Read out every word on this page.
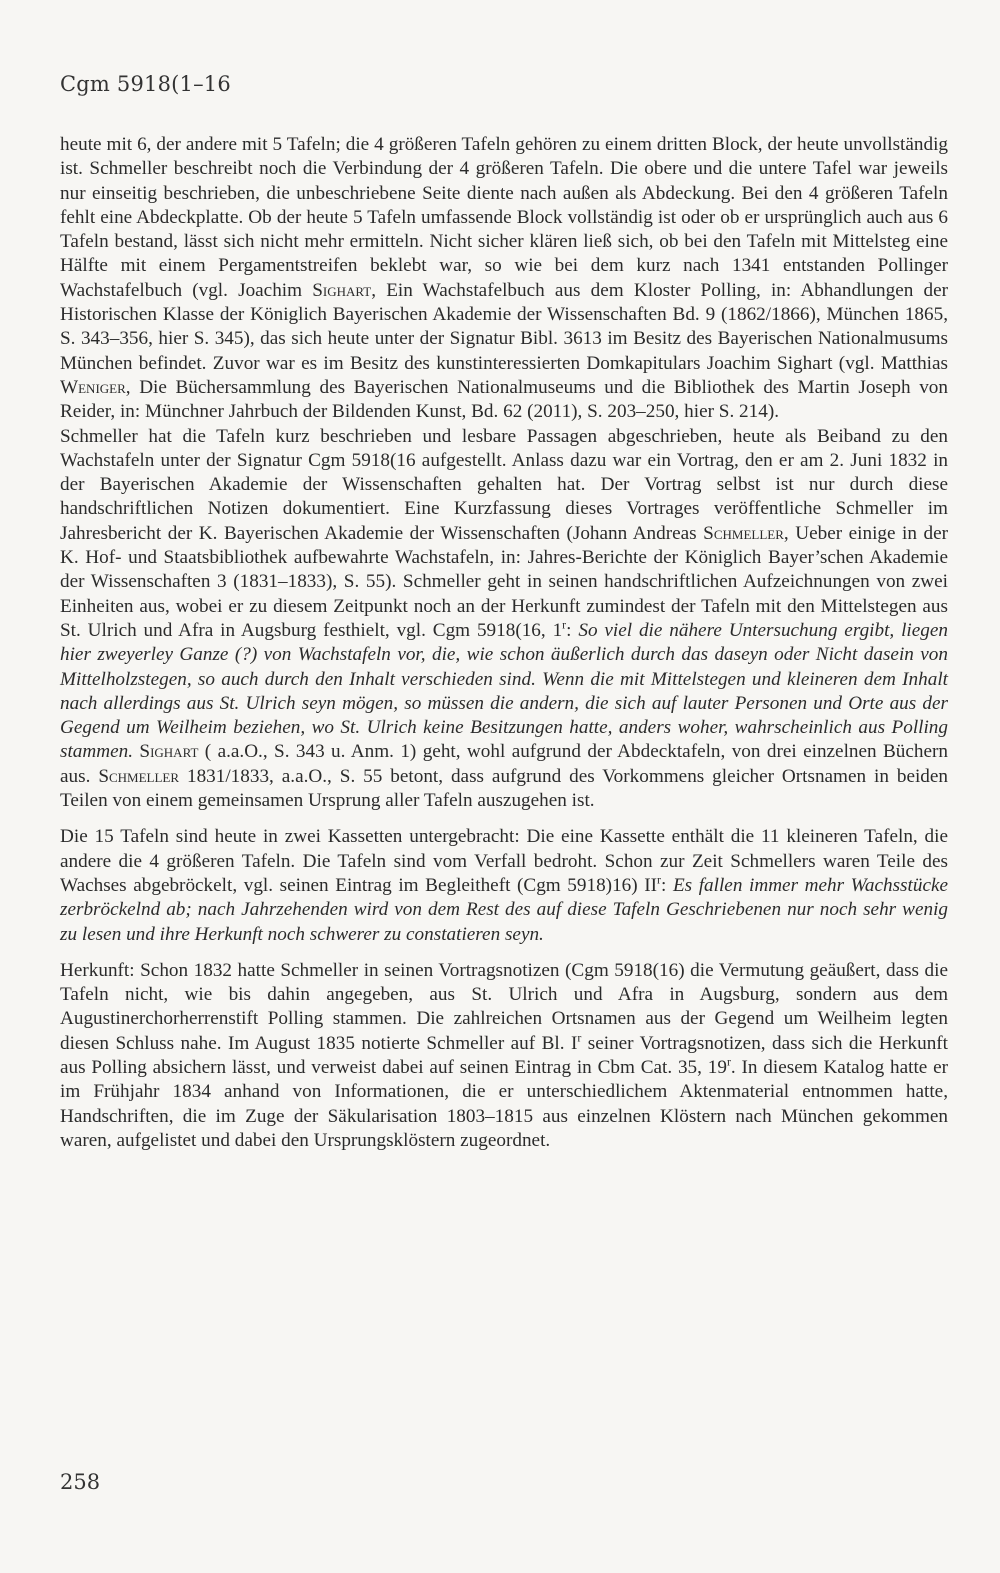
Cgm 5918(1–16

heute mit 6, der andere mit 5 Tafeln; die 4 größeren Tafeln gehören zu einem dritten Block, der heute unvollständig ist. Schmeller beschreibt noch die Verbindung der 4 größeren Tafeln. Die obere und die untere Tafel war jeweils nur einseitig beschrieben, die unbeschriebene Seite diente nach außen als Abdeckung. Bei den 4 größeren Tafeln fehlt eine Abdeckplatte. Ob der heute 5 Tafeln umfassende Block vollständig ist oder ob er ursprünglich auch aus 6 Tafeln bestand, lässt sich nicht mehr ermitteln. Nicht sicher klären ließ sich, ob bei den Tafeln mit Mittelsteg eine Hälfte mit einem Pergamentstreifen beklebt war, so wie bei dem kurz nach 1341 entstanden Pollinger Wachstafelbuch (vgl. Joachim Sighart, Ein Wachstafelbuch aus dem Kloster Polling, in: Abhandlungen der Historischen Klasse der Königlich Bayerischen Akademie der Wissenschaften Bd. 9 (1862/1866), München 1865, S. 343–356, hier S. 345), das sich heute unter der Signatur Bibl. 3613 im Besitz des Bayerischen Nationalmusums München befindet. Zuvor war es im Besitz des kunstinteressierten Domkapitulars Joachim Sighart (vgl. Matthias Weniger, Die Büchersammlung des Bayerischen Nationalmuseums und die Bibliothek des Martin Joseph von Reider, in: Münchner Jahrbuch der Bildenden Kunst, Bd. 62 (2011), S. 203–250, hier S. 214).

Schmeller hat die Tafeln kurz beschrieben und lesbare Passagen abgeschrieben, heute als Beiband zu den Wachstafeln unter der Signatur Cgm 5918(16 aufgestellt. Anlass dazu war ein Vortrag, den er am 2. Juni 1832 in der Bayerischen Akademie der Wissenschaften gehalten hat. Der Vortrag selbst ist nur durch diese handschriftlichen Notizen dokumentiert. Eine Kurzfassung dieses Vortrages veröffentliche Schmeller im Jahresbericht der K. Bayerischen Akademie der Wissenschaften (Johann Andreas Schmeller, Ueber einige in der K. Hof- und Staatsbibliothek aufbewahrte Wachstafeln, in: Jahres-Berichte der Königlich Bayer’schen Akademie der Wissenschaften 3 (1831–1833), S. 55). Schmeller geht in seinen handschriftlichen Aufzeichnungen von zwei Einheiten aus, wobei er zu diesem Zeitpunkt noch an der Herkunft zumindest der Tafeln mit den Mittelstegen aus St. Ulrich und Afra in Augsburg festhielt, vgl. Cgm 5918(16, 1$^r$: So viel die nähere Untersuchung ergibt, liegen hier zweyerley Ganze (?) von Wachstafeln vor, die, wie schon äußerlich durch das daseyn oder Nicht dasein von Mittelholzstegen, so auch durch den Inhalt verschieden sind. Wenn die mit Mittelstegen und kleineren dem Inhalt nach allerdings aus St. Ulrich seyn mögen, so müssen die andern, die sich auf lauter Personen und Orte aus der Gegend um Weilheim beziehen, wo St. Ulrich keine Besitzungen hatte, anders woher, wahrscheinlich aus Polling stammen. Sighart ( a.a.O., S. 343 u. Anm. 1) geht, wohl aufgrund der Abdecktafeln, von drei einzelnen Büchern aus. Schmeller 1831/1833, a.a.O., S. 55 betont, dass aufgrund des Vorkommens gleicher Ortsnamen in beiden Teilen von einem gemeinsamen Ursprung aller Tafeln auszugehen ist.

Die 15 Tafeln sind heute in zwei Kassetten untergebracht: Die eine Kassette enthält die 11 kleineren Tafeln, die andere die 4 größeren Tafeln. Die Tafeln sind vom Verfall bedroht. Schon zur Zeit Schmellers waren Teile des Wachses abgebröckelt, vgl. seinen Eintrag im Begleitheft (Cgm 5918)16) $II^r$: Es fallen immer mehr Wachsstücke zerbröckelnd ab; nach Jahrzehenden wird von dem Rest des auf diese Tafeln Geschriebenen nur noch sehr wenig zu lesen und ihre Herkunft noch schwerer zu constatieren seyn.

Herkunft: Schon 1832 hatte Schmeller in seinen Vortragsnotizen (Cgm 5918(16) die Vermutung geäußert, dass die Tafeln nicht, wie bis dahin angegeben, aus St. Ulrich und Afra in Augsburg, sondern aus dem Augustinerchorherrenstift Polling stammen. Die zahlreichen Ortsnamen aus der Gegend um Weilheim legten diesen Schluss nahe. Im August 1835 notierte Schmeller auf Bl. $I^r$ seiner Vortragsnotizen, dass sich die Herkunft aus Polling absichern lässt, und verweist dabei auf seinen Eintrag in Cbm Cat. 35, 19$^r$. In diesem Katalog hatte er im Frühjahr 1834 anhand von Informationen, die er unterschiedlichem Aktenmaterial entnommen hatte, Handschriften, die im Zuge der Säkularisation 1803–1815 aus einzelnen Klöstern nach München gekommen waren, aufgelistet und dabei den Ursprungsklöstern zugeordnet.

258
